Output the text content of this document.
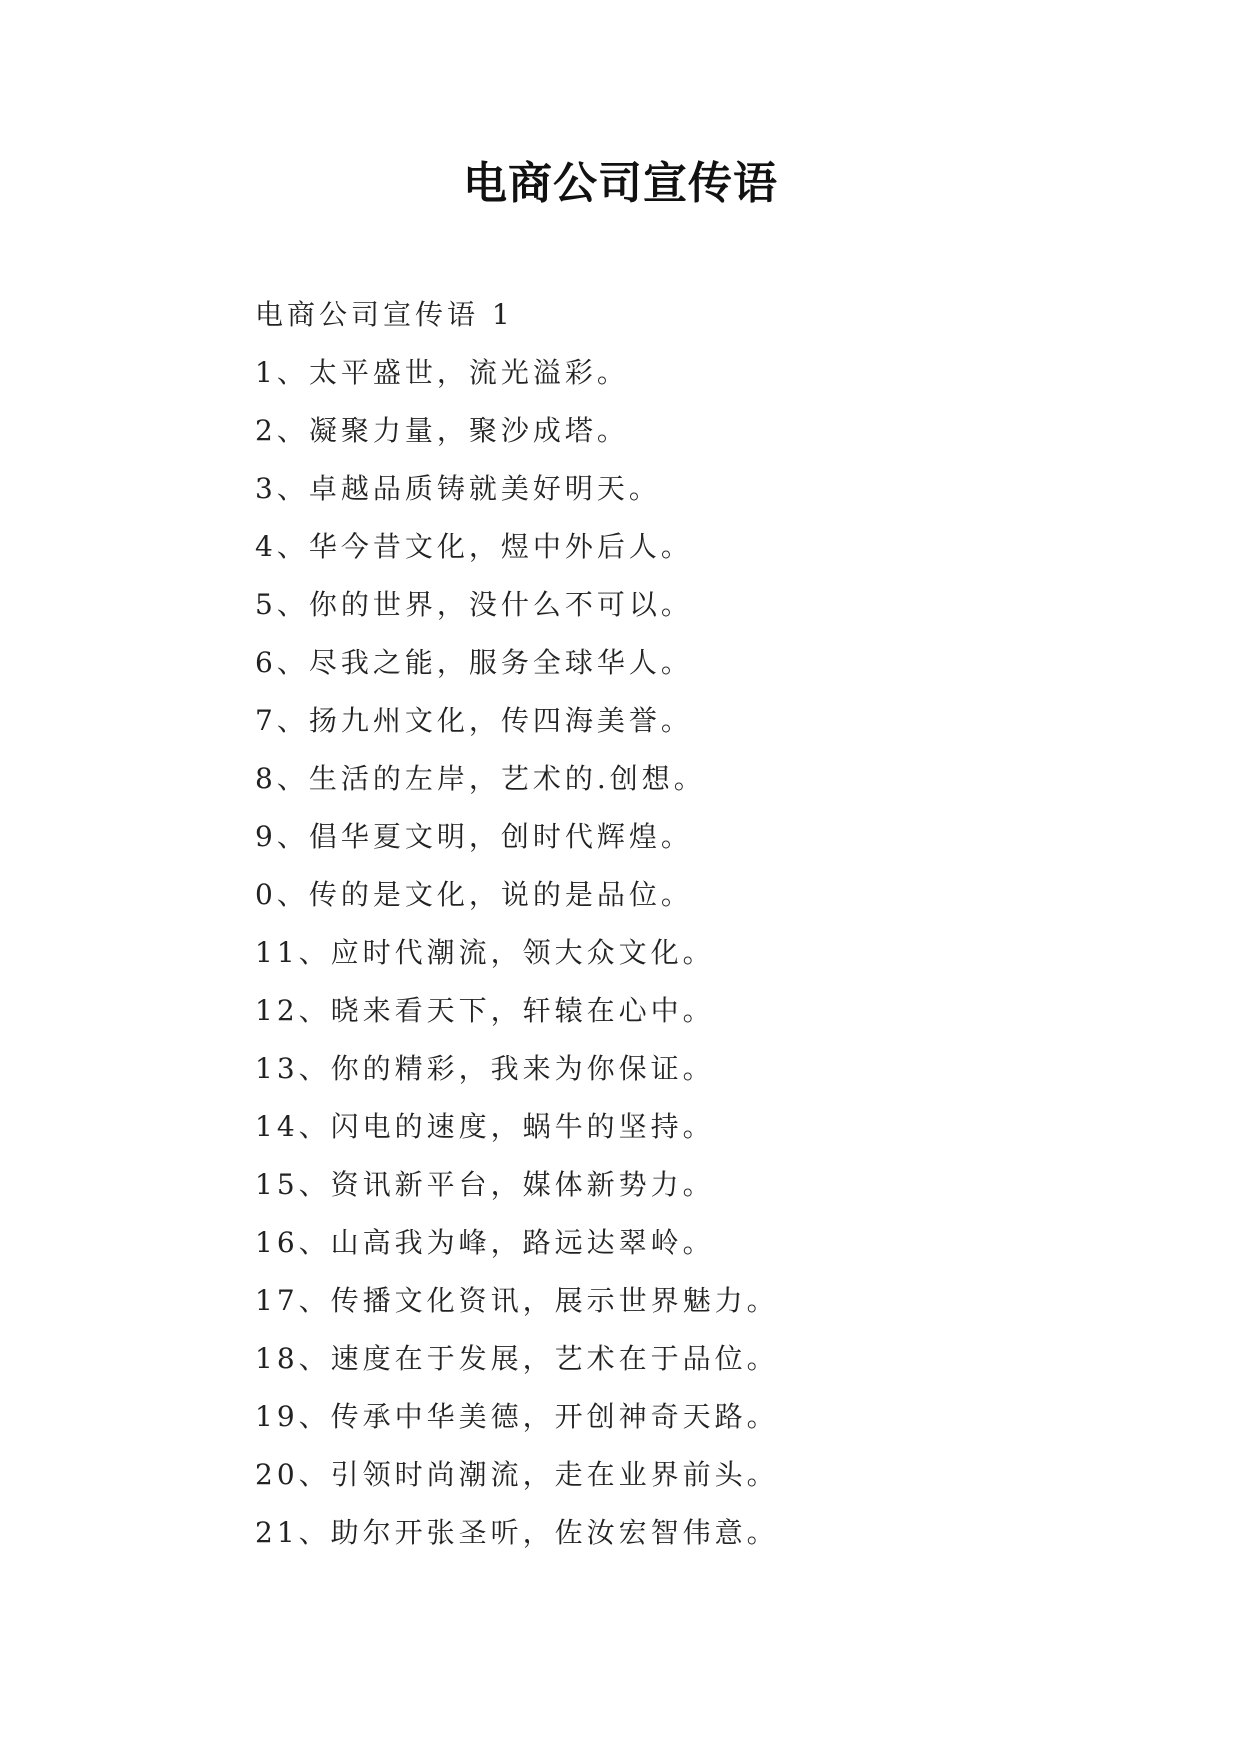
电商公司宣传语
电商公司宣传语 1
1、太平盛世，流光溢彩。
2、凝聚力量，聚沙成塔。
3、卓越品质铸就美好明天。
4、华今昔文化，煜中外后人。
5、你的世界，没什么不可以。
6、尽我之能，服务全球华人。
7、扬九州文化，传四海美誉。
8、生活的左岸，艺术的.创想。
9、倡华夏文明，创时代辉煌。
0、传的是文化，说的是品位。
11、应时代潮流，领大众文化。
12、晓来看天下，轩辕在心中。
13、你的精彩，我来为你保证。
14、闪电的速度，蜗牛的坚持。
15、资讯新平台，媒体新势力。
16、山高我为峰，路远达翠岭。
17、传播文化资讯，展示世界魅力。
18、速度在于发展，艺术在于品位。
19、传承中华美德，开创神奇天路。
20、引领时尚潮流，走在业界前头。
21、助尔开张圣听，佐汝宏智伟意。
